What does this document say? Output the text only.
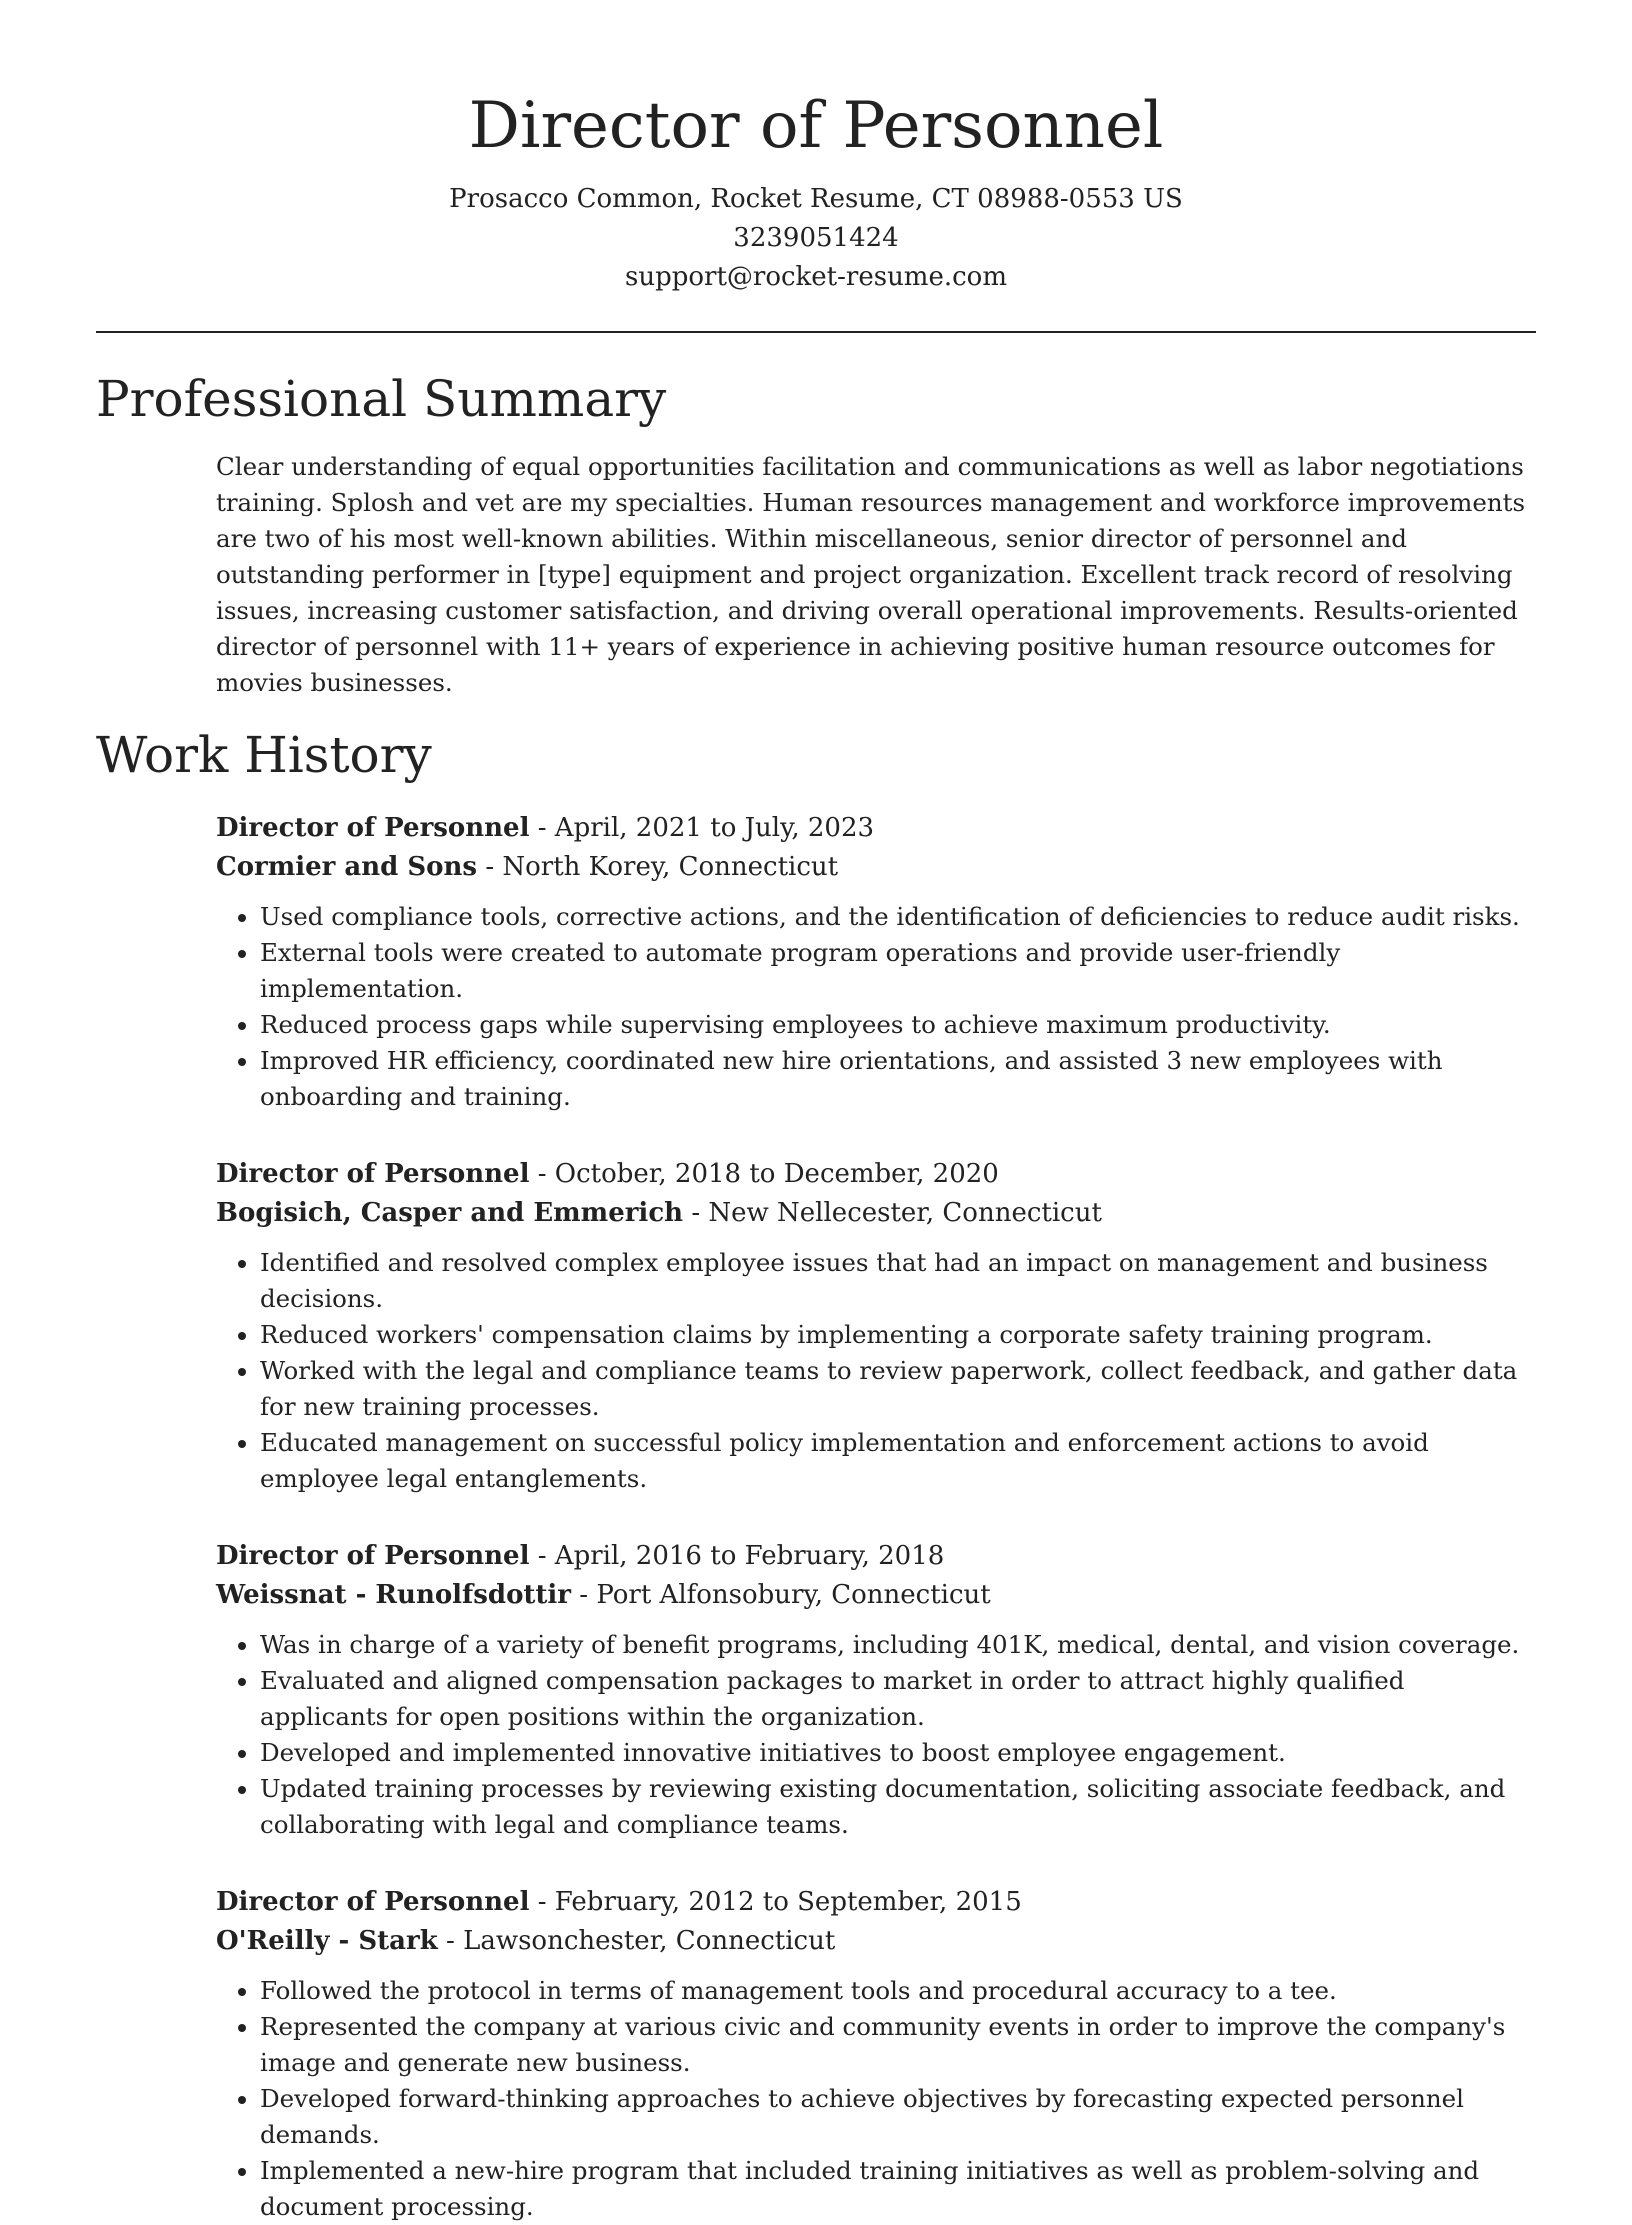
Director of Personnel
Prosacco Common, Rocket Resume, CT 08988-0553 US
3239051424
support@rocket-resume.com
Professional Summary
Clear understanding of equal opportunities facilitation and communications as well as labor negotiations training. Splosh and vet are my specialties. Human resources management and workforce improvements are two of his most well-known abilities. Within miscellaneous, senior director of personnel and outstanding performer in [type] equipment and project organization. Excellent track record of resolving issues, increasing customer satisfaction, and driving overall operational improvements. Results-oriented director of personnel with 11+ years of experience in achieving positive human resource outcomes for movies businesses.
Work History
Director of Personnel - April, 2021 to July, 2023
Cormier and Sons - North Korey, Connecticut
• Used compliance tools, corrective actions, and the identification of deficiencies to reduce audit risks.
• External tools were created to automate program operations and provide user-friendly implementation.
• Reduced process gaps while supervising employees to achieve maximum productivity.
• Improved HR efficiency, coordinated new hire orientations, and assisted 3 new employees with onboarding and training.
Director of Personnel - October, 2018 to December, 2020
Bogisich, Casper and Emmerich - New Nellecester, Connecticut
• Identified and resolved complex employee issues that had an impact on management and business decisions.
• Reduced workers' compensation claims by implementing a corporate safety training program.
• Worked with the legal and compliance teams to review paperwork, collect feedback, and gather data for new training processes.
• Educated management on successful policy implementation and enforcement actions to avoid employee legal entanglements.
Director of Personnel - April, 2016 to February, 2018
Weissnat - Runolfsdottir - Port Alfonsobury, Connecticut
• Was in charge of a variety of benefit programs, including 401K, medical, dental, and vision coverage.
• Evaluated and aligned compensation packages to market in order to attract highly qualified applicants for open positions within the organization.
• Developed and implemented innovative initiatives to boost employee engagement.
• Updated training processes by reviewing existing documentation, soliciting associate feedback, and collaborating with legal and compliance teams.
Director of Personnel - February, 2012 to September, 2015
O'Reilly - Stark - Lawsonchester, Connecticut
• Followed the protocol in terms of management tools and procedural accuracy to a tee.
• Represented the company at various civic and community events in order to improve the company's image and generate new business.
• Developed forward-thinking approaches to achieve objectives by forecasting expected personnel demands.
• Implemented a new-hire program that included training initiatives as well as problem-solving and document processing.
